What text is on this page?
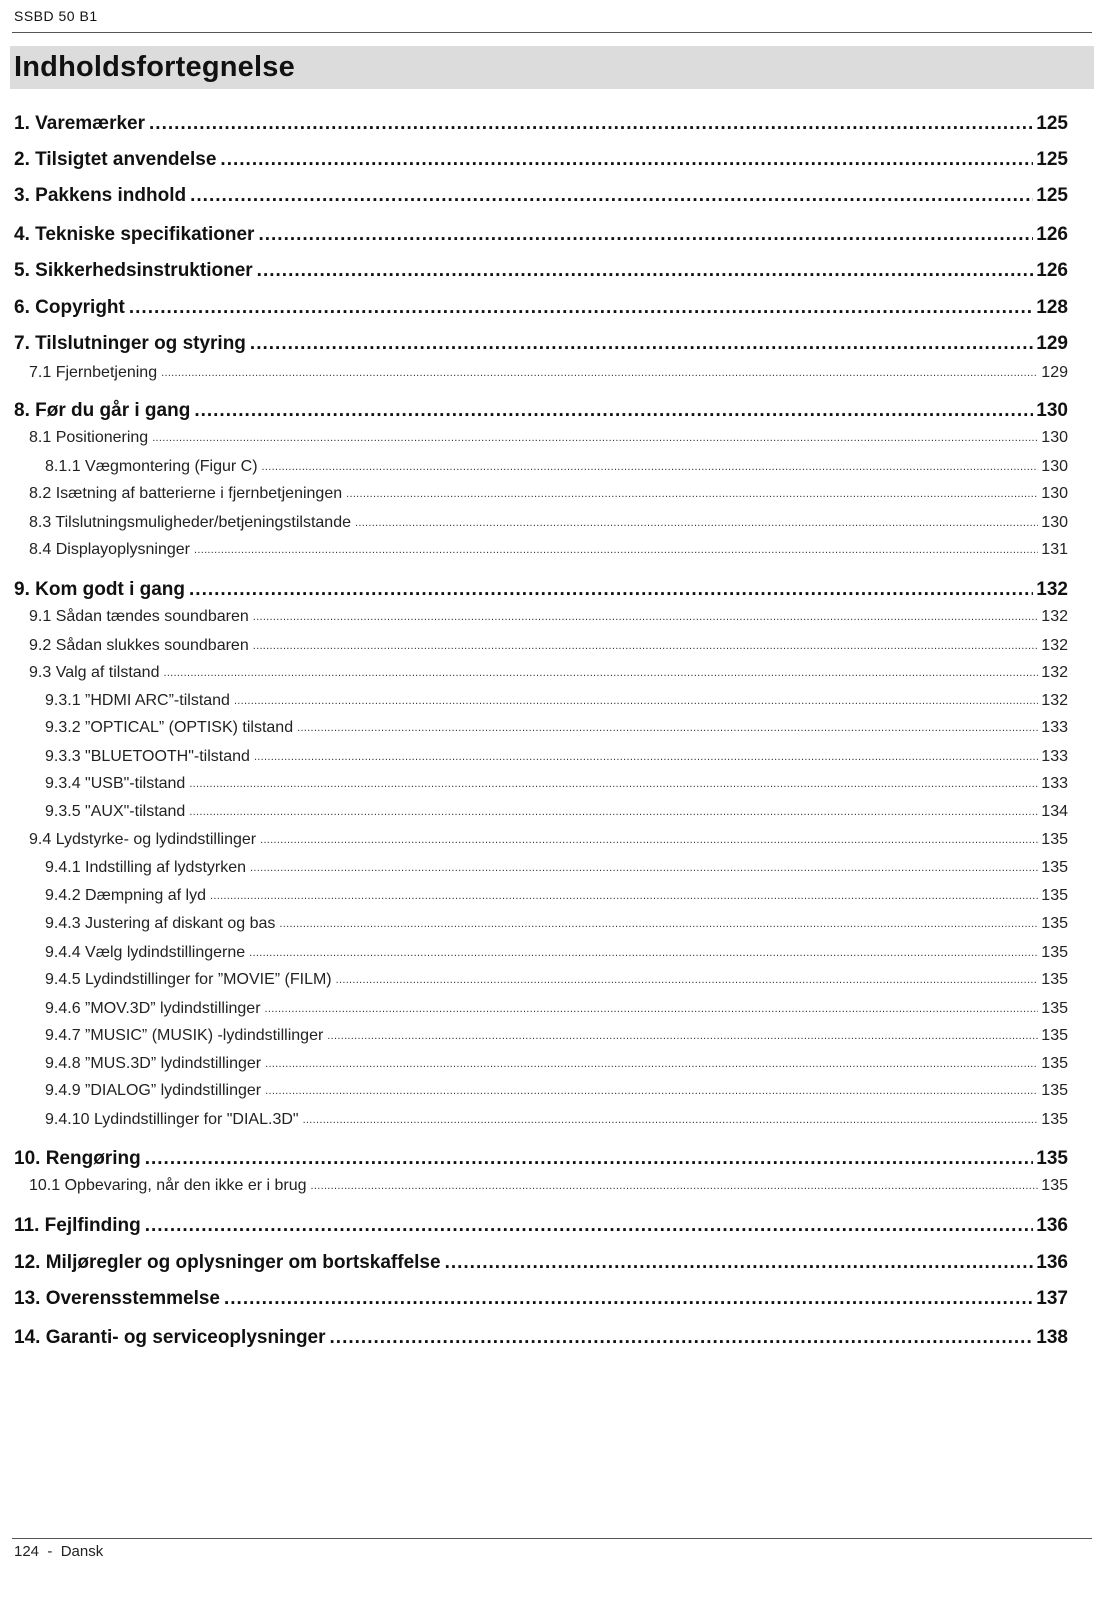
SSBD 50 B1
Indholdsfortegnelse
1. Varemærker .....	125
2. Tilsigtet anvendelse .....	125
3. Pakkens indhold .....	125
4. Tekniske specifikationer .....	126
5. Sikkerhedsinstruktioner .....	126
6. Copyright .....	128
7. Tilslutninger og styring .....	129
7.1 Fjernbetjening .....	129
8. Før du går i gang .....	130
8.1 Positionering .....	130
8.1.1 Vægmontering (Figur C) .....	130
8.2 Isætning af batterierne i fjernbetjeningen .....	130
8.3 Tilslutningsmuligheder/betjeningstilstande .....	130
8.4 Displayoplysninger .....	131
9. Kom godt i gang .....	132
9.1 Sådan tændes soundbaren .....	132
9.2 Sådan slukkes soundbaren .....	132
9.3 Valg af tilstand .....	132
9.3.1 ”HDMI ARC”-tilstand .....	132
9.3.2 ”OPTICAL” (OPTISK) tilstand .....	133
9.3.3 "BLUETOOTH"-tilstand .....	133
9.3.4 "USB"-tilstand .....	133
9.3.5 "AUX"-tilstand .....	134
9.4 Lydstyrke- og lydindstillinger .....	135
9.4.1 Indstilling af lydstyrken .....	135
9.4.2 Dæmpning af lyd .....	135
9.4.3 Justering af diskant og bas .....	135
9.4.4 Vælg lydindstillingerne .....	135
9.4.5 Lydindstillinger for ”MOVIE” (FILM) .....	135
9.4.6 ”MOV.3D” lydindstillinger .....	135
9.4.7 ”MUSIC” (MUSIK) -lydindstillinger .....	135
9.4.8 ”MUS.3D” lydindstillinger .....	135
9.4.9 ”DIALOG” lydindstillinger .....	135
9.4.10 Lydindstillinger for "DIAL.3D" .....	135
10. Rengøring .....	135
10.1 Opbevaring, når den ikke er i brug .....	135
11. Fejlfinding .....	136
12. Miljøregler og oplysninger om bortskaffelse .....	136
13. Overensstemmelse .....	137
14. Garanti- og serviceoplysninger .....	138
124 - Dansk
